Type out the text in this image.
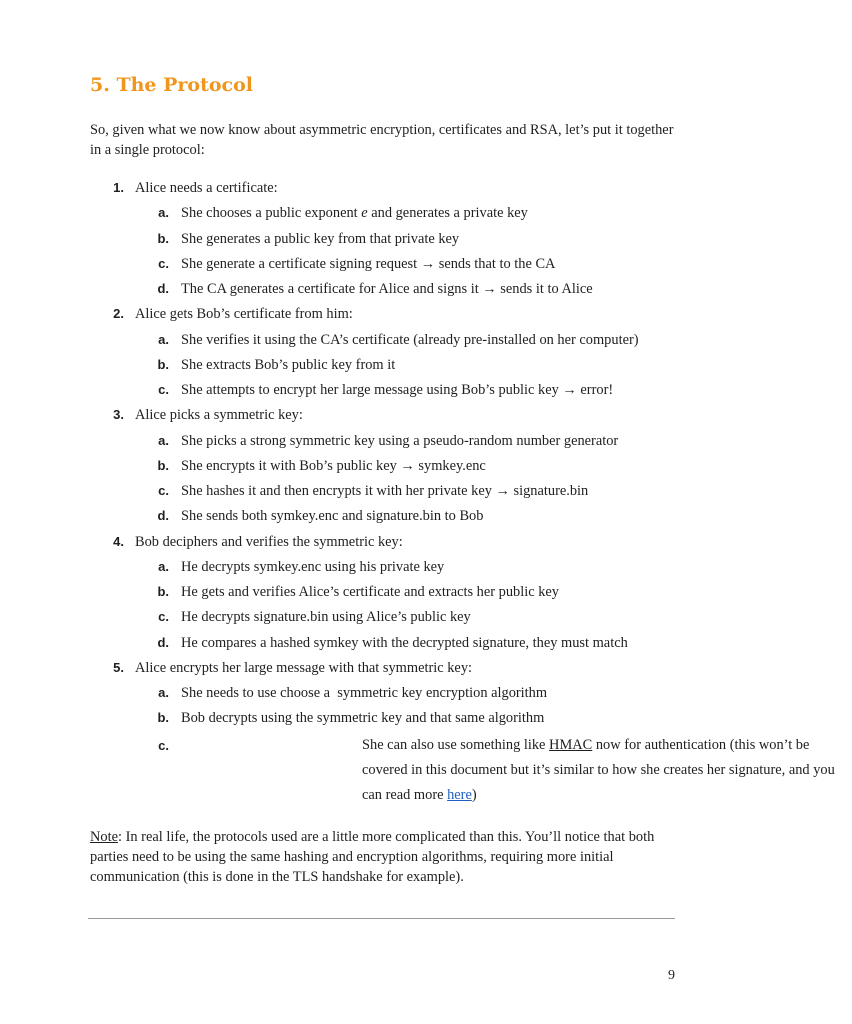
5. The Protocol

So, given what we now know about asymmetric encryption, certificates and RSA, let’s put it together in a single protocol:

1. Alice needs a certificate:
a. She chooses a public exponent e and generates a private key
b. She generates a public key from that private key
c. She generate a certificate signing request → sends that to the CA
d. The CA generates a certificate for Alice and signs it → sends it to Alice
2. Alice gets Bob’s certificate from him:
a. She verifies it using the CA’s certificate (already pre-installed on her computer)
b. She extracts Bob’s public key from it
c. She attempts to encrypt her large message using Bob’s public key → error!
3. Alice picks a symmetric key:
a. She picks a strong symmetric key using a pseudo-random number generator
b. She encrypts it with Bob’s public key → symkey.enc
c. She hashes it and then encrypts it with her private key → signature.bin
d. She sends both symkey.enc and signature.bin to Bob
4. Bob deciphers and verifies the symmetric key:
a. He decrypts symkey.enc using his private key
b. He gets and verifies Alice’s certificate and extracts her public key
c. He decrypts signature.bin using Alice’s public key
d. He compares a hashed symkey with the decrypted signature, they must match
5. Alice encrypts her large message with that symmetric key:
a. She needs to use choose a  symmetric key encryption algorithm
b. Bob decrypts using the symmetric key and that same algorithm
c.	She can also use something like HMAC now for authentication (this won’t be covered in this document but it’s similar to how she creates her signature, and you can read more here)

Note: In real life, the protocols used are a little more complicated than this. You’ll notice that both parties need to be using the same hashing and encryption algorithms, requiring more initial communication (this is done in the TLS handshake for example).

9
